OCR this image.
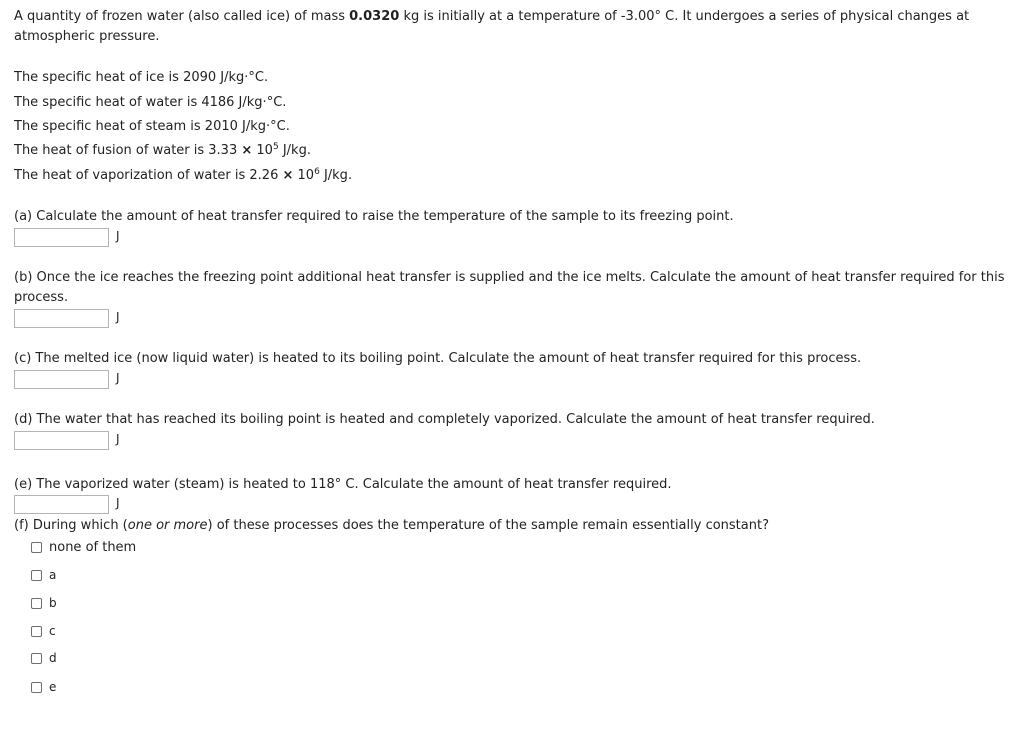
A quantity of frozen water (also called ice) of mass 0.0320 kg is initially at a temperature of -3.00° C. It undergoes a series of physical changes at atmospheric pressure.
The specific heat of ice is 2090 J/kg·°C.
The specific heat of water is 4186 J/kg·°C.
The specific heat of steam is 2010 J/kg·°C.
The heat of fusion of water is $3.33 \times 10^5$ J/kg.
The heat of vaporization of water is $2.26 \times 10^6$ J/kg.
(a) Calculate the amount of heat transfer required to raise the temperature of the sample to its freezing point.
J
(b) Once the ice reaches the freezing point additional heat transfer is supplied and the ice melts. Calculate the amount of heat transfer required for this process.
J
(c) The melted ice (now liquid water) is heated to its boiling point. Calculate the amount of heat transfer required for this process.
J
(d) The water that has reached its boiling point is heated and completely vaporized. Calculate the amount of heat transfer required.
J
(e) The vaporized water (steam) is heated to 118° C. Calculate the amount of heat transfer required.
J
(f) During which (one or more) of these processes does the temperature of the sample remain essentially constant?
none of them
a
b
c
d
e
